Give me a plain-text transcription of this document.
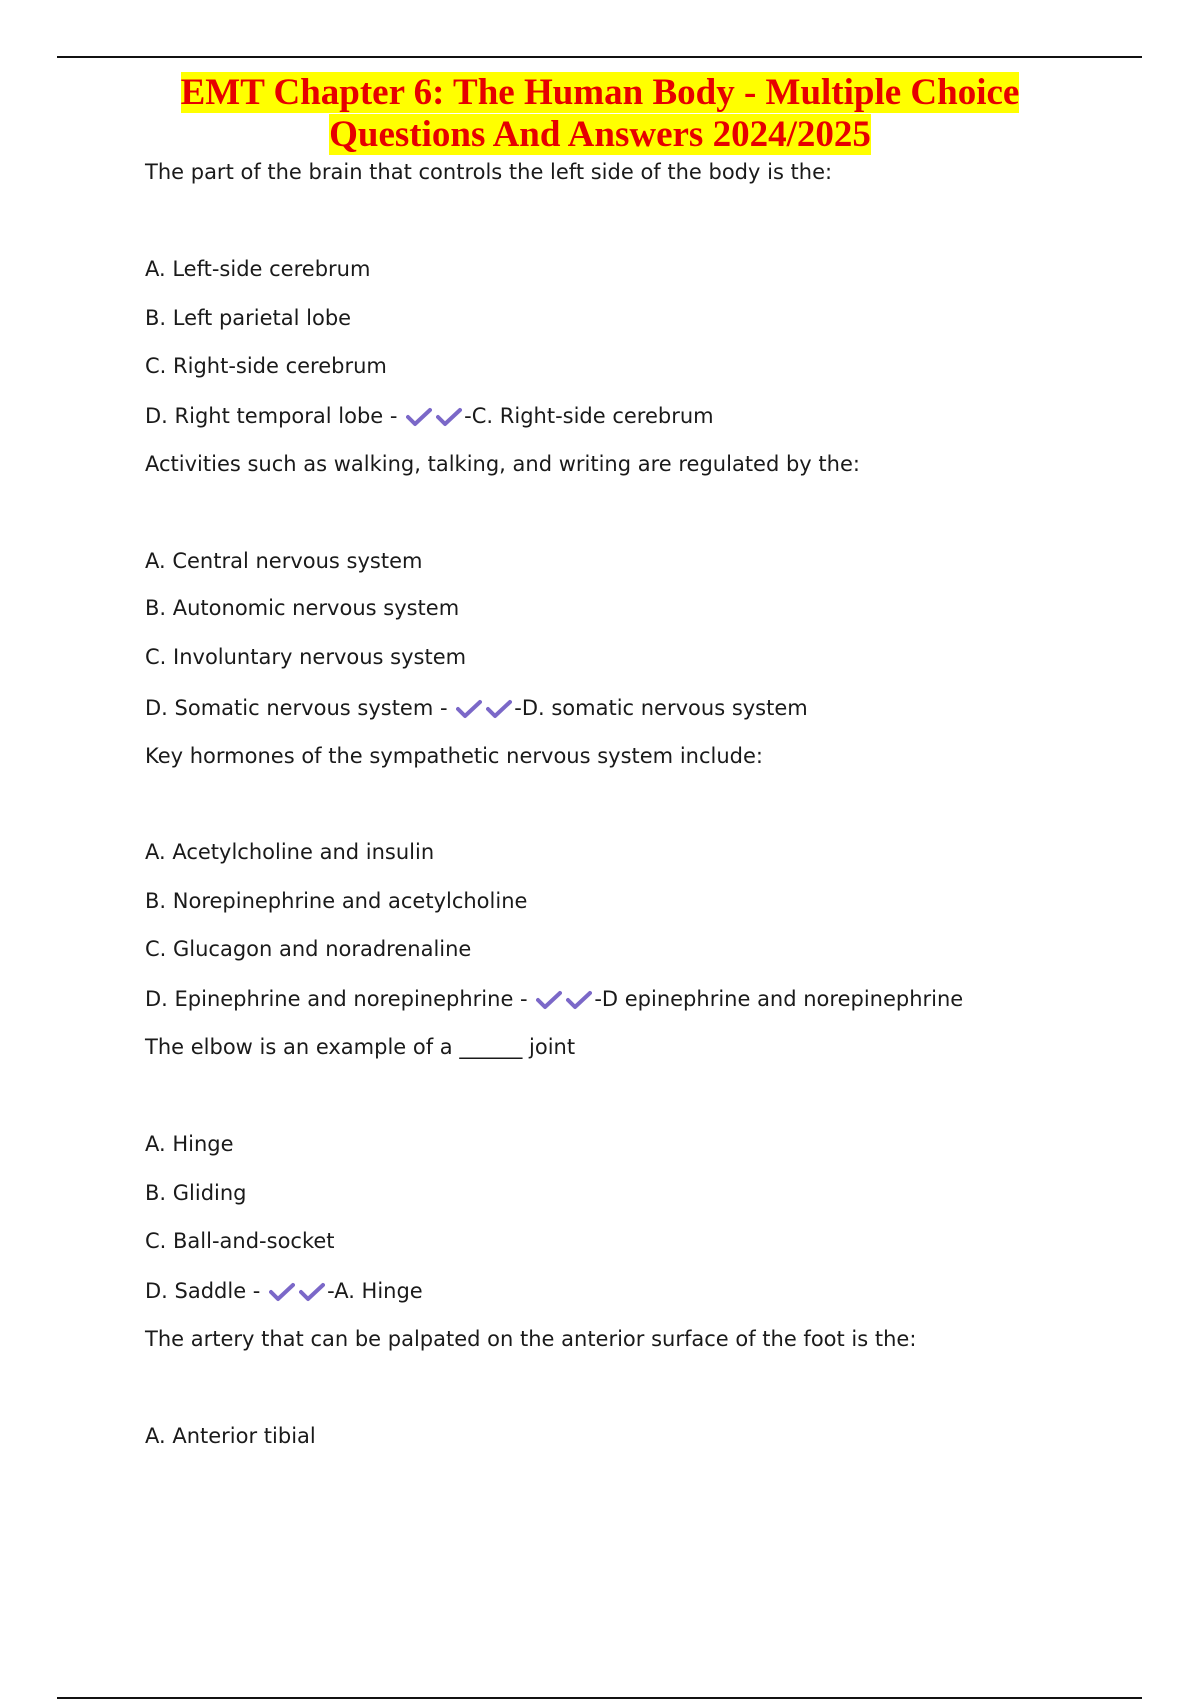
EMT Chapter 6: The Human Body - Multiple Choice
Questions And Answers 2024/2025
The part of the brain that controls the left side of the body is the:
A. Left-side cerebrum
B. Left parietal lobe
C. Right-side cerebrum
D. Right temporal lobe -	-C. Right-side cerebrum
Activities such as walking, talking, and writing are regulated by the:
A. Central nervous system
B. Autonomic nervous system
C. Involuntary nervous system
D. Somatic nervous system -	-D. somatic nervous system
Key hormones of the sympathetic nervous system include:
A. Acetylcholine and insulin
B. Norepinephrine and acetylcholine
C. Glucagon and noradrenaline
D. Epinephrine and norepinephrine -	-D epinephrine and norepinephrine
The elbow is an example of a ______ joint
A. Hinge
B. Gliding
C. Ball-and-socket
D. Saddle -	-A. Hinge
The artery that can be palpated on the anterior surface of the foot is the:
A. Anterior tibial
